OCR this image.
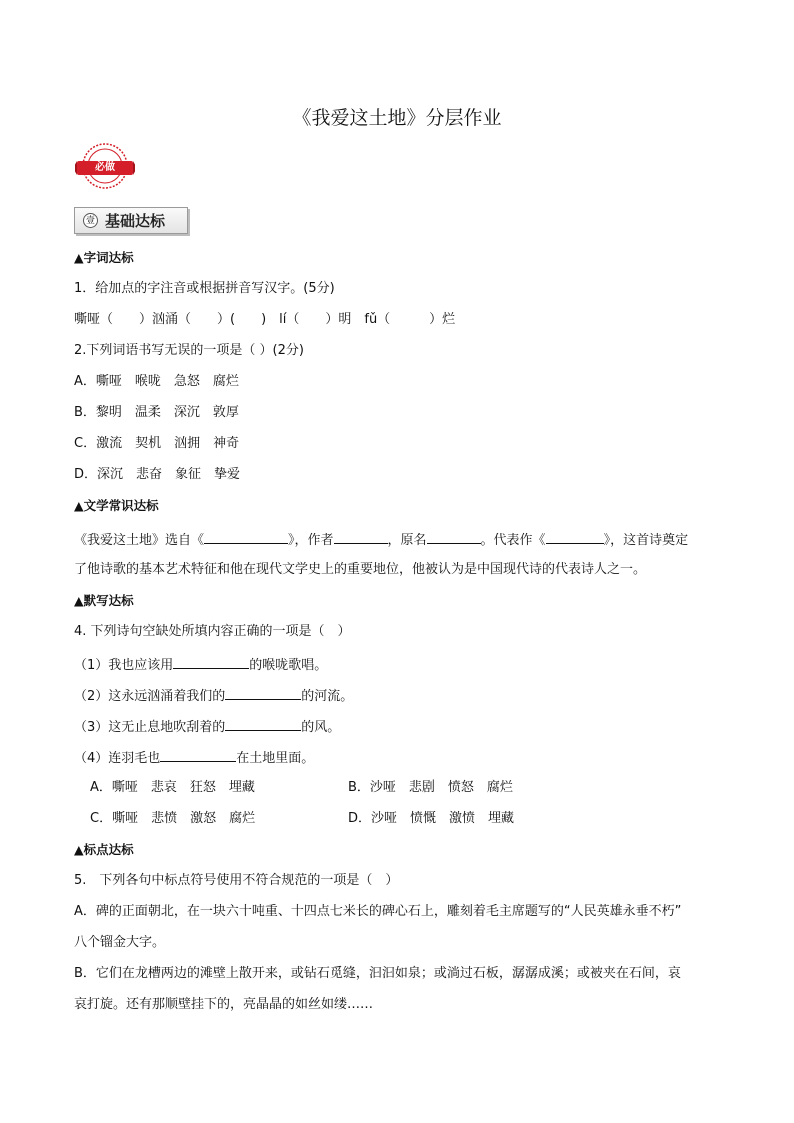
《我爱这土地》分层作业
必做
壹 基础达标
▲字词达标
1．给加点的字注音或根据拼音写汉字。(5分)
嘶哑（　　）汹涌（　　）(　　)　lí（　　）明　fǔ（　　　）烂
2.下列词语书写无误的一项是（ ）(2分)
A．嘶哑　喉咙　急怒　腐烂
B．黎明　温柔　深沉　敦厚
C．激流　契机　汹拥　神奇
D．深沉　悲奋　象征　挚爱
▲文学常识达标
《我爱这土地》选自《	》，作者	，原名	。代表作《	》，这首诗奠定
了他诗歌的基本艺术特征和他在现代文学史上的重要地位，他被认为是中国现代诗的代表诗人之一。
▲默写达标
4. 下列诗句空缺处所填内容正确的一项是（　）
（1）我也应该用	的喉咙歌唱。
（2）这永远汹涌着我们的	的河流。
（3）这无止息地吹刮着的	的风。
（4）连羽毛也	在土地里面。
A．嘶哑　悲哀　狂怒　埋藏	B．沙哑　悲剧　愤怒　腐烂
C．嘶哑　悲愤　激怒　腐烂	D．沙哑　愤慨　激愤　埋藏
▲标点达标
5.　下列各句中标点符号使用不符合规范的一项是（　）
A．碑的正面朝北，在一块六十吨重、十四点七米长的碑心石上，雕刻着毛主席题写的“人民英雄永垂不朽”
八个镏金大字。
B．它们在龙槽两边的滩壁上散开来，或钻石觅缝，汩汩如泉；或淌过石板，潺潺成溪；或被夹在石间，哀
哀打旋。还有那顺壁挂下的，亮晶晶的如丝如缕……
